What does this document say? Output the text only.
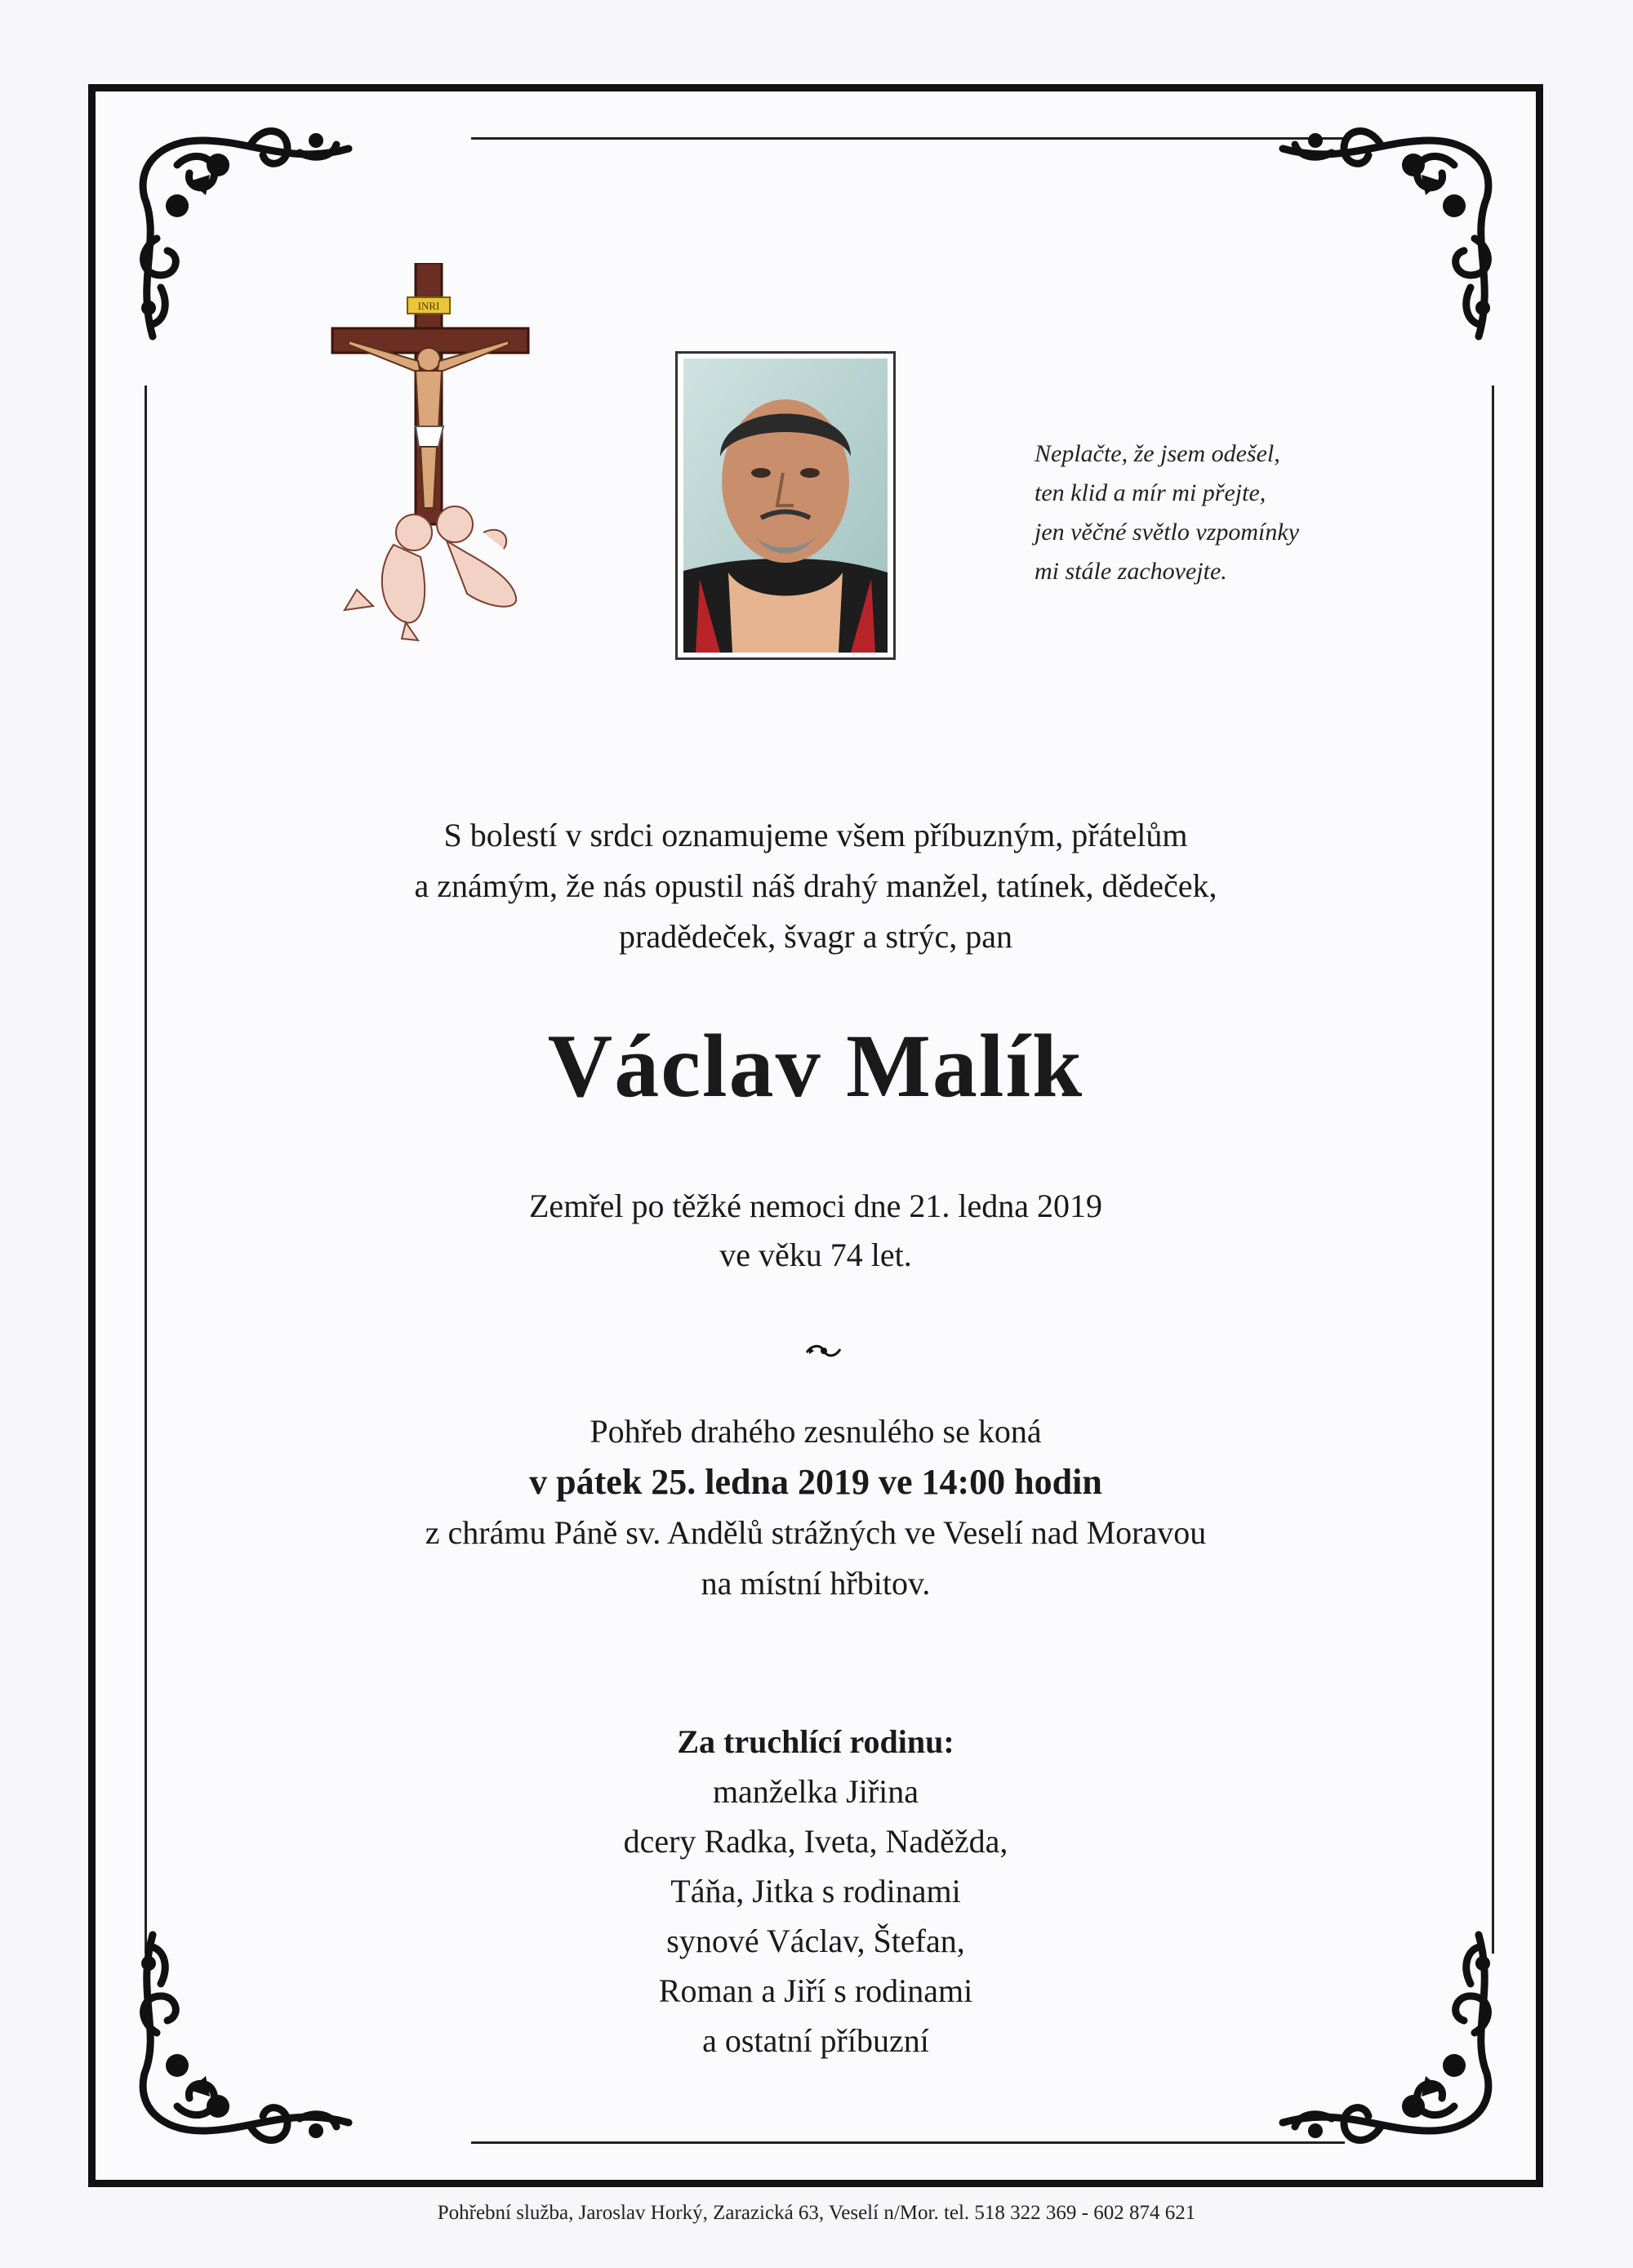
INRI
Neplačte, že jsem odešel,
ten klid a mír mi přejte,
jen věčné světlo vzpomínky
mi stále zachovejte.
S bolestí v srdci oznamujeme všem příbuzným, přátelům
a známým, že nás opustil náš drahý manžel, tatínek, dědeček,
pradědeček, švagr a strýc, pan
Václav Malík
Zemřel po těžké nemoci dne 21. ledna 2019
ve věku 74 let.
Pohřeb drahého zesnulého se koná
v pátek 25. ledna 2019 ve 14:00 hodin
z chrámu Páně sv. Andělů strážných ve Veselí nad Moravou
na místní hřbitov.
Za truchlící rodinu:
manželka Jiřina
dcery Radka, Iveta, Naděžda,
Táňa, Jitka s rodinami
synové Václav, Štefan,
Roman a Jiří s rodinami
a ostatní příbuzní
Pohřební služba, Jaroslav Horký, Zarazická 63, Veselí n/Mor. tel. 518 322 369 - 602 874 621
